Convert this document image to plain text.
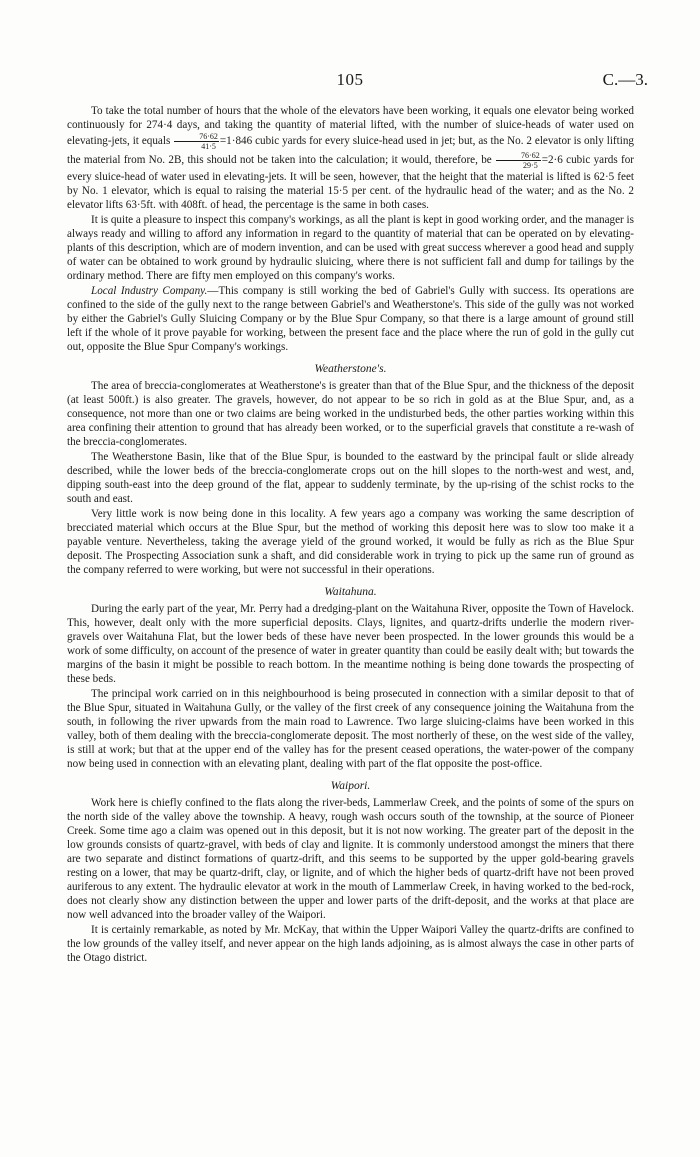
105	C.—3.

To take the total number of hours that the whole of the elevators have been working, it equals one elevator being worked continuously for 274·4 days, and taking the quantity of material lifted, with the number of sluice-heads of water used on elevating-jets, it equals $\frac{76\cdot 62}{41\cdot 5} =1\cdot 846$ cubic yards for every sluice-head used in jet; but, as the No. 2 elevator is only lifting the material from No. 2B, this should not be taken into the calculation; it would, therefore, be $\frac{76\cdot 62}{29\cdot 5} =2\cdot 6$ cubic yards for every sluice-head of water used in elevating-jets. It will be seen, however, that the height that the material is lifted is 62·5 feet by No. 1 elevator, which is equal to raising the material 15·5 per cent. of the hydraulic head of the water; and as the No. 2 elevator lifts 63·5ft. with 408ft. of head, the percentage is the same in both cases.

It is quite a pleasure to inspect this company's workings, as all the plant is kept in good working order, and the manager is always ready and willing to afford any information in regard to the quantity of material that can be operated on by elevating-plants of this description, which are of modern invention, and can be used with great success wherever a good head and supply of water can be obtained to work ground by hydraulic sluicing, where there is not sufficient fall and dump for tailings by the ordinary method. There are fifty men employed on this company's works.

Local Industry Company.—This company is still working the bed of Gabriel's Gully with success. Its operations are confined to the side of the gully next to the range between Gabriel's and Weatherstone's. This side of the gully was not worked by either the Gabriel's Gully Sluicing Company or by the Blue Spur Company, so that there is a large amount of ground still left if the whole of it prove payable for working, between the present face and the place where the run of gold in the gully cut out, opposite the Blue Spur Company's workings.

Weatherstone's.

The area of breccia-conglomerates at Weatherstone's is greater than that of the Blue Spur, and the thickness of the deposit (at least 500ft.) is also greater. The gravels, however, do not appear to be so rich in gold as at the Blue Spur, and, as a consequence, not more than one or two claims are being worked in the undisturbed beds, the other parties working within this area confining their attention to ground that has already been worked, or to the superficial gravels that constitute a re-wash of the breccia-conglomerates.

The Weatherstone Basin, like that of the Blue Spur, is bounded to the eastward by the principal fault or slide already described, while the lower beds of the breccia-conglomerate crops out on the hill slopes to the north-west and west, and, dipping south-east into the deep ground of the flat, appear to suddenly terminate, by the up-rising of the schist rocks to the south and east.

Very little work is now being done in this locality. A few years ago a company was working the same description of brecciated material which occurs at the Blue Spur, but the method of working this deposit here was to slow too make it a payable venture. Nevertheless, taking the average yield of the ground worked, it would be fully as rich as the Blue Spur deposit. The Prospecting Association sunk a shaft, and did considerable work in trying to pick up the same run of ground as the company referred to were working, but were not successful in their operations.

Waitahuna.

During the early part of the year, Mr. Perry had a dredging-plant on the Waitahuna River, opposite the Town of Havelock. This, however, dealt only with the more superficial deposits. Clays, lignites, and quartz-drifts underlie the modern river-gravels over Waitahuna Flat, but the lower beds of these have never been prospected. In the lower grounds this would be a work of some difficulty, on account of the presence of water in greater quantity than could be easily dealt with; but towards the margins of the basin it might be possible to reach bottom. In the meantime nothing is being done towards the prospecting of these beds.

The principal work carried on in this neighbourhood is being prosecuted in connection with a similar deposit to that of the Blue Spur, situated in Waitahuna Gully, or the valley of the first creek of any consequence joining the Waitahuna from the south, in following the river upwards from the main road to Lawrence. Two large sluicing-claims have been worked in this valley, both of them dealing with the breccia-conglomerate deposit. The most northerly of these, on the west side of the valley, is still at work; but that at the upper end of the valley has for the present ceased operations, the water-power of the company now being used in connection with an elevating plant, dealing with part of the flat opposite the post-office.

Waipori.

Work here is chiefly confined to the flats along the river-beds, Lammerlaw Creek, and the points of some of the spurs on the north side of the valley above the township. A heavy, rough wash occurs south of the township, at the source of Pioneer Creek. Some time ago a claim was opened out in this deposit, but it is not now working. The greater part of the deposit in the low grounds consists of quartz-gravel, with beds of clay and lignite. It is commonly understood amongst the miners that there are two separate and distinct formations of quartz-drift, and this seems to be supported by the upper gold-bearing gravels resting on a lower, that may be quartz-drift, clay, or lignite, and of which the higher beds of quartz-drift have not been proved auriferous to any extent. The hydraulic elevator at work in the mouth of Lammerlaw Creek, in having worked to the bed-rock, does not clearly show any distinction between the upper and lower parts of the drift-deposit, and the works at that place are now well advanced into the broader valley of the Waipori.

It is certainly remarkable, as noted by Mr. McKay, that within the Upper Waipori Valley the quartz-drifts are confined to the low grounds of the valley itself, and never appear on the high lands adjoining, as is almost always the case in other parts of the Otago district.
